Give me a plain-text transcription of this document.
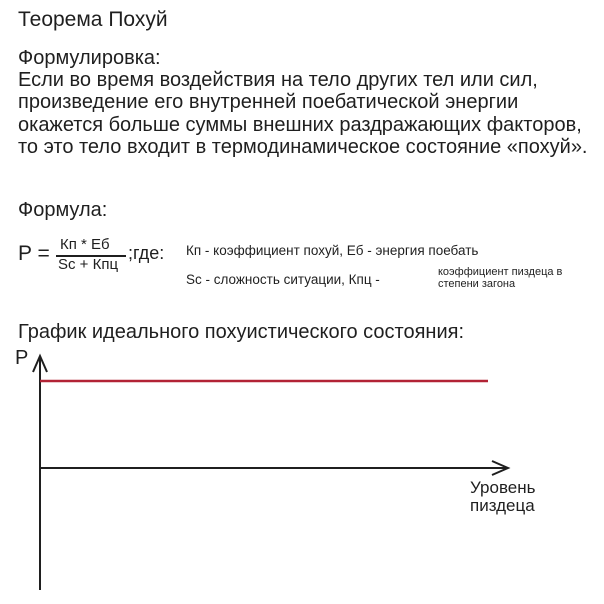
Теорема Похуй
Формулировка:
Если во время воздействия на тело других тел или сил, произведение его внутренней поебатической энергии окажется больше суммы внешних раздражающих факторов, то это тело входит в термодинамическое состояние «похуй».
Формула:
P = Кп * Еб
Sc + Кпц
;где: Кп - коэффициент похуй, Еб - энергия поебать
Sc - сложность ситуации, Кпц -	коэффициент пиздеца в степени загона
График идеального похуистического состояния:
P
Уровень пиздеца
